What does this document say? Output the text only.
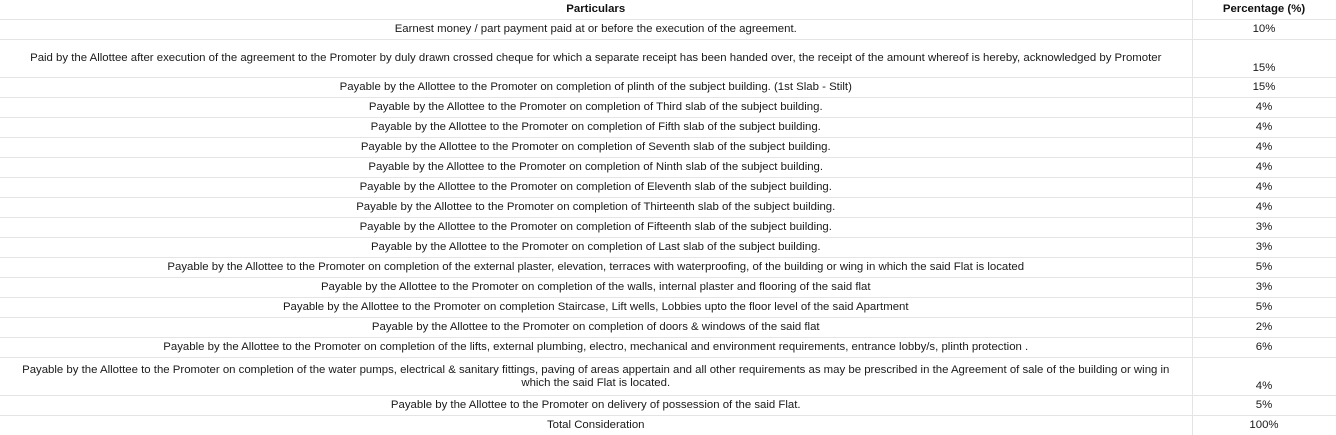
Particulars	Percentage (%)
Earnest money / part payment paid at or before the execution of the agreement.	10%
Paid by the Allottee after execution of the agreement to the Promoter by duly drawn crossed cheque for which a separate receipt has been handed over, the receipt of the amount whereof is hereby, acknowledged by Promoter	15%
Payable by the Allottee to the Promoter on completion of plinth of the subject building. (1st Slab - Stilt)	15%
Payable by the Allottee to the Promoter on completion of Third slab of the subject building.	4%
Payable by the Allottee to the Promoter on completion of Fifth slab of the subject building.	4%
Payable by the Allottee to the Promoter on completion of Seventh slab of the subject building.	4%
Payable by the Allottee to the Promoter on completion of Ninth slab of the subject building.	4%
Payable by the Allottee to the Promoter on completion of Eleventh slab of the subject building.	4%
Payable by the Allottee to the Promoter on completion of Thirteenth slab of the subject building.	4%
Payable by the Allottee to the Promoter on completion of Fifteenth slab of the subject building.	3%
Payable by the Allottee to the Promoter on completion of Last slab of the subject building.	3%
Payable by the Allottee to the Promoter on completion of the external plaster, elevation, terraces with waterproofing, of the building or wing in which the said Flat is located	5%
Payable by the Allottee to the Promoter on completion of the walls, internal plaster and flooring of the said flat	3%
Payable by the Allottee to the Promoter on completion Staircase, Lift wells, Lobbies upto the floor level of the said Apartment	5%
Payable by the Allottee to the Promoter on completion of doors & windows of the said flat	2%
Payable by the Allottee to the Promoter on completion of the lifts, external plumbing, electro, mechanical and environment requirements, entrance lobby/s, plinth protection .	6%
Payable by the Allottee to the Promoter on completion of the water pumps, electrical & sanitary fittings, paving of areas appertain and all other requirements as may be prescribed in the Agreement of sale of the building or wing in which the said Flat is located.	4%
Payable by the Allottee to the Promoter on delivery of possession of the said Flat.	5%
Total Consideration	100%
